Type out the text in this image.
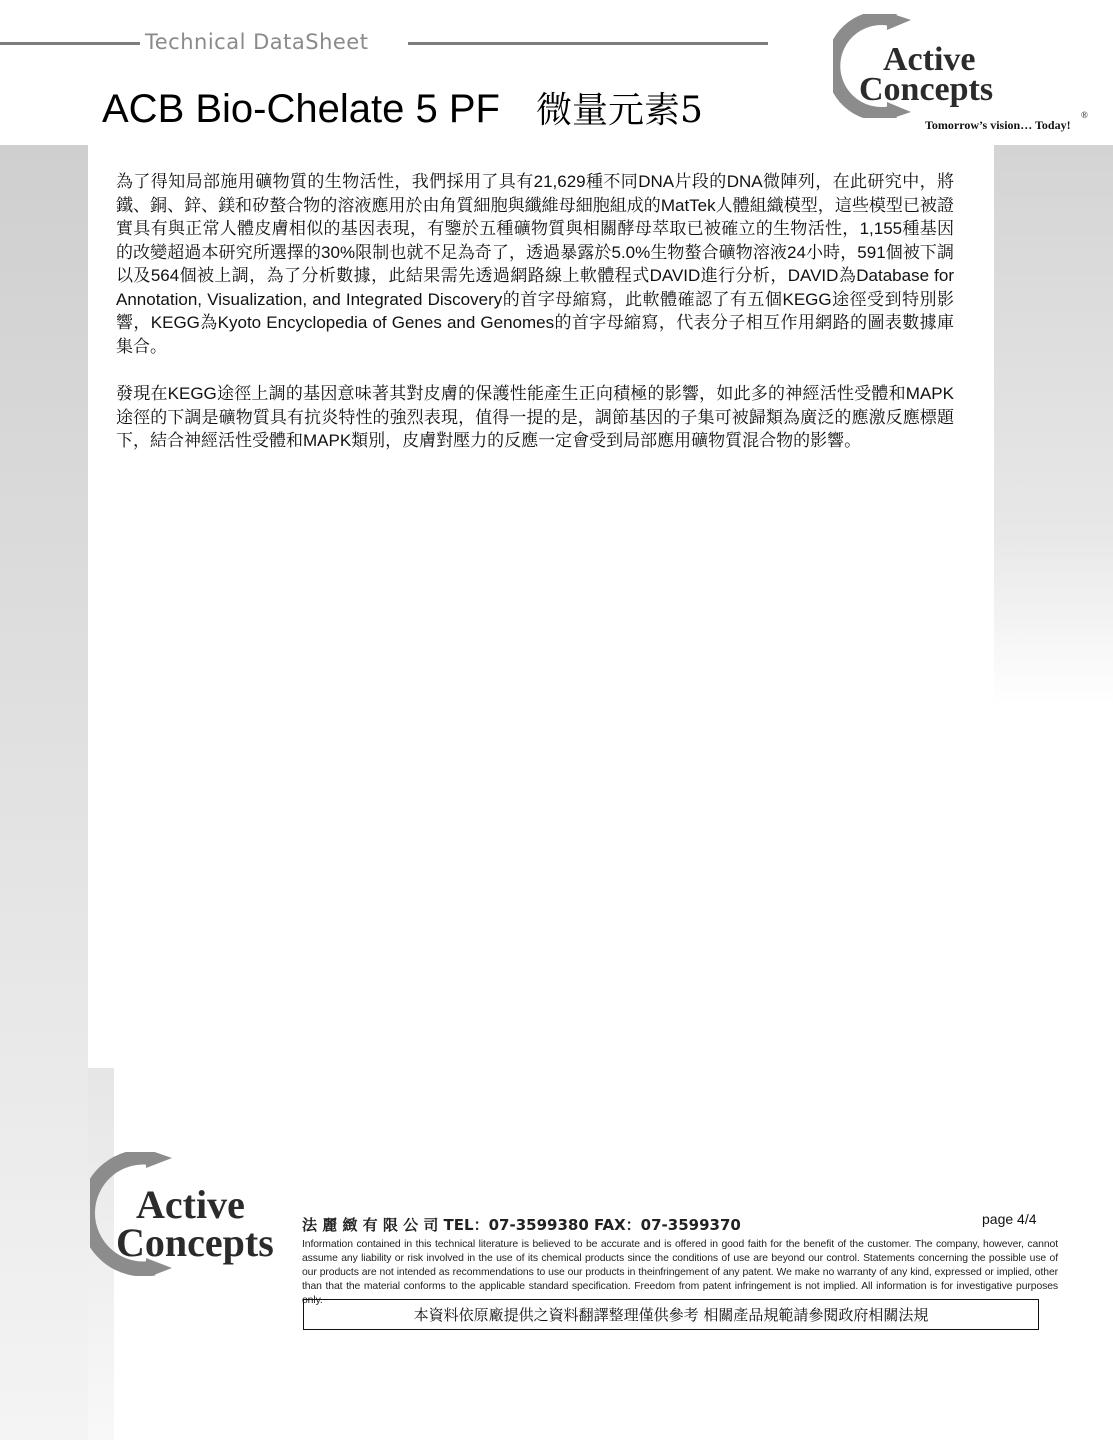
Technical DataSheet
ACB Bio-Chelate 5 PF 微量元素5
Active
Concepts
Tomorrow’s vision… Today!
®

為了得知局部施用礦物質的生物活性，我們採用了具有21,629種不同DNA片段的DNA微陣列，在此研究中，將鐵、銅、鋅、鎂和矽螯合物的溶液應用於由角質細胞與纖維母細胞組成的MatTek人體組織模型，這些模型已被證實具有與正常人體皮膚相似的基因表現，有鑒於五種礦物質與相關酵母萃取已被確立的生物活性，1,155種基因的改變超過本研究所選擇的30%限制也就不足為奇了，透過暴露於5.0%生物螯合礦物溶液24小時，591個被下調以及564個被上調，為了分析數據，此結果需先透過網路線上軟體程式DAVID進行分析，DAVID為Database for Annotation, Visualization, and Integrated Discovery的首字母縮寫，此軟體確認了有五個KEGG途徑受到特別影響，KEGG為Kyoto Encyclopedia of Genes and Genomes的首字母縮寫，代表分子相互作用網路的圖表數據庫集合。

發現在KEGG途徑上調的基因意味著其對皮膚的保護性能產生正向積極的影響，如此多的神經活性受體和MAPK途徑的下調是礦物質具有抗炎特性的強烈表現，值得一提的是，調節基因的子集可被歸類為廣泛的應激反應標題下，結合神經活性受體和MAPK類別，皮膚對壓力的反應一定會受到局部應用礦物質混合物的影響。

Active
Concepts 法 麗 緻 有 限 公 司 TEL：07-3599380 FAX：07-3599370	page 4/4
Information contained in this technical literature is believed to be accurate and is offered in good faith for the benefit of the customer. The company, however, cannot assume any liability or risk involved in the use of its chemical products since the conditions of use are beyond our control. Statements concerning the possible use of our products are not intended as recommendations to use our products in theinfringement of any patent. We make no warranty of any kind, expressed or implied, other than that the material conforms to the applicable standard specification. Freedom from patent infringement is not implied. All information is for investigative purposes only.
本資料依原廠提供之資料翻譯整理僅供參考 相關產品規範請參閱政府相關法規
